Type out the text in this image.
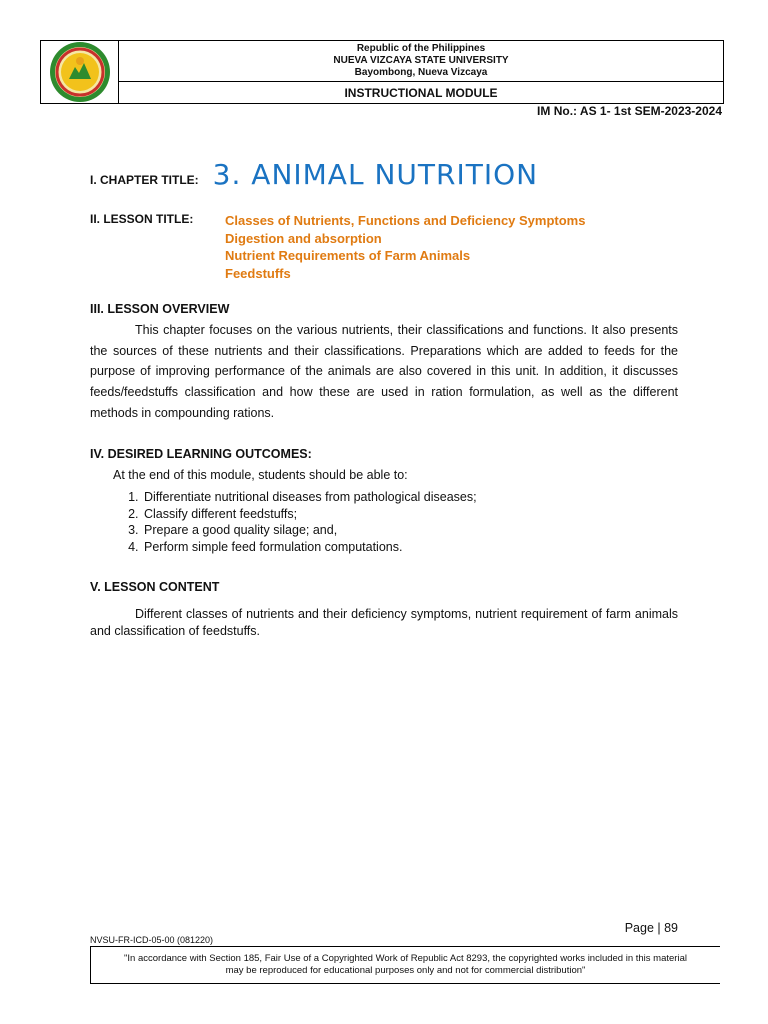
Republic of the Philippines
NUEVA VIZCAYA STATE UNIVERSITY
Bayombong, Nueva Vizcaya
INSTRUCTIONAL MODULE
IM No.: AS 1- 1st SEM-2023-2024
I. CHAPTER TITLE: 3. ANIMAL NUTRITION
II. LESSON TITLE:	Classes of Nutrients, Functions and Deficiency Symptoms
Digestion and absorption
Nutrient Requirements of Farm Animals
Feedstuffs
III. LESSON OVERVIEW

This chapter focuses on the various nutrients, their classifications and functions. It also presents the sources of these nutrients and their classifications. Preparations which are added to feeds for the purpose of improving performance of the animals are also covered in this unit. In addition, it discusses feeds/feedstuffs classification and how these are used in ration formulation, as well as the different methods in compounding rations.

IV. DESIRED LEARNING OUTCOMES:
At the end of this module, students should be able to:
1. Differentiate nutritional diseases from pathological diseases;
2. Classify different feedstuffs;
3. Prepare a good quality silage; and,
4. Perform simple feed formulation computations.
V. LESSON CONTENT

Different classes of nutrients and their deficiency symptoms, nutrient requirement of farm animals and classification of feedstuffs.

Page | 89
NVSU-FR-ICD-05-00 (081220)
"In accordance with Section 185, Fair Use of a Copyrighted Work of Republic Act 8293, the copyrighted works included in this material
may be reproduced for educational purposes only and not for commercial distribution"
